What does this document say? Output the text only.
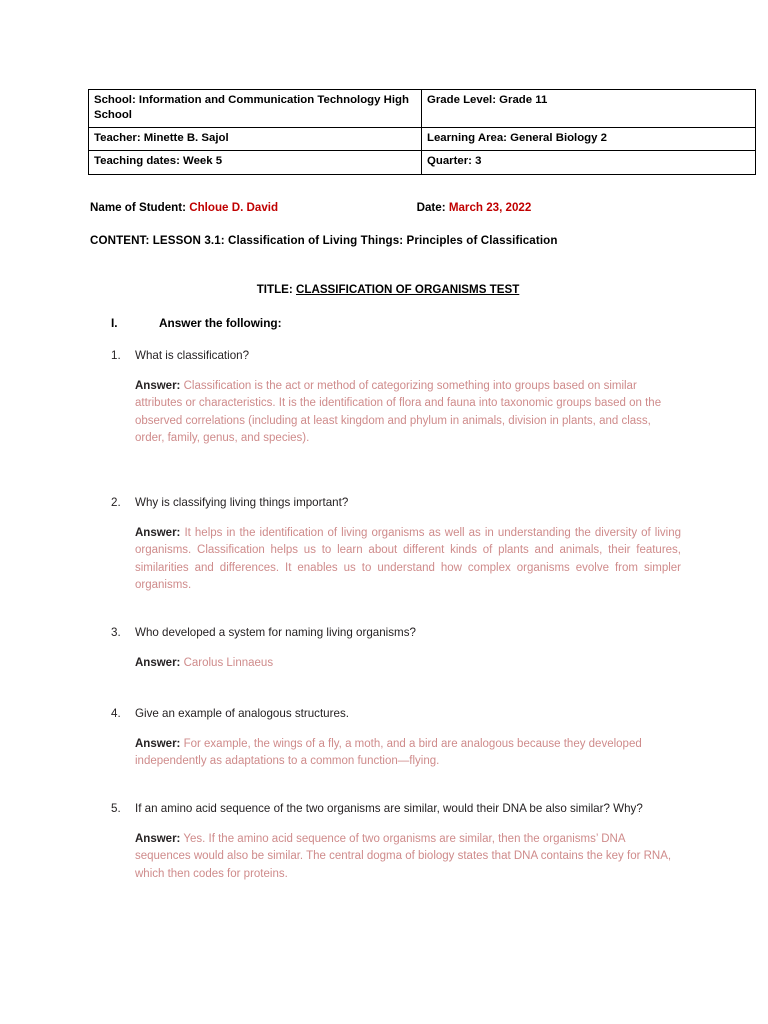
School: Information and Communication Technology High School	Grade Level: Grade 11
Teacher: Minette B. Sajol	Learning Area: General Biology 2
Teaching dates: Week 5	Quarter: 3
Name of Student: Chloue D. David	Date: March 23, 2022
CONTENT: LESSON 3.1: Classification of Living Things: Principles of Classification
TITLE: CLASSIFICATION OF ORGANISMS TEST
I.	Answer the following:
1. What is classification?
Answer: Classification is the act or method of categorizing something into groups based on similar attributes or characteristics. It is the identification of flora and fauna into taxonomic groups based on the observed correlations (including at least kingdom and phylum in animals, division in plants, and class, order, family, genus, and species).
2. Why is classifying living things important?
Answer: It helps in the identification of living organisms as well as in understanding the diversity of living organisms. Classification helps us to learn about different kinds of plants and animals, their features, similarities and differences. It enables us to understand how complex organisms evolve from simpler organisms.
3. Who developed a system for naming living organisms?
Answer: Carolus Linnaeus
4. Give an example of analogous structures.
Answer: For example, the wings of a fly, a moth, and a bird are analogous because they developed independently as adaptations to a common function—flying.
5. If an amino acid sequence of the two organisms are similar, would their DNA be also similar? Why?
Answer: Yes. If the amino acid sequence of two organisms are similar, then the organisms’ DNA sequences would also be similar. The central dogma of biology states that DNA contains the key for RNA, which then codes for proteins.
